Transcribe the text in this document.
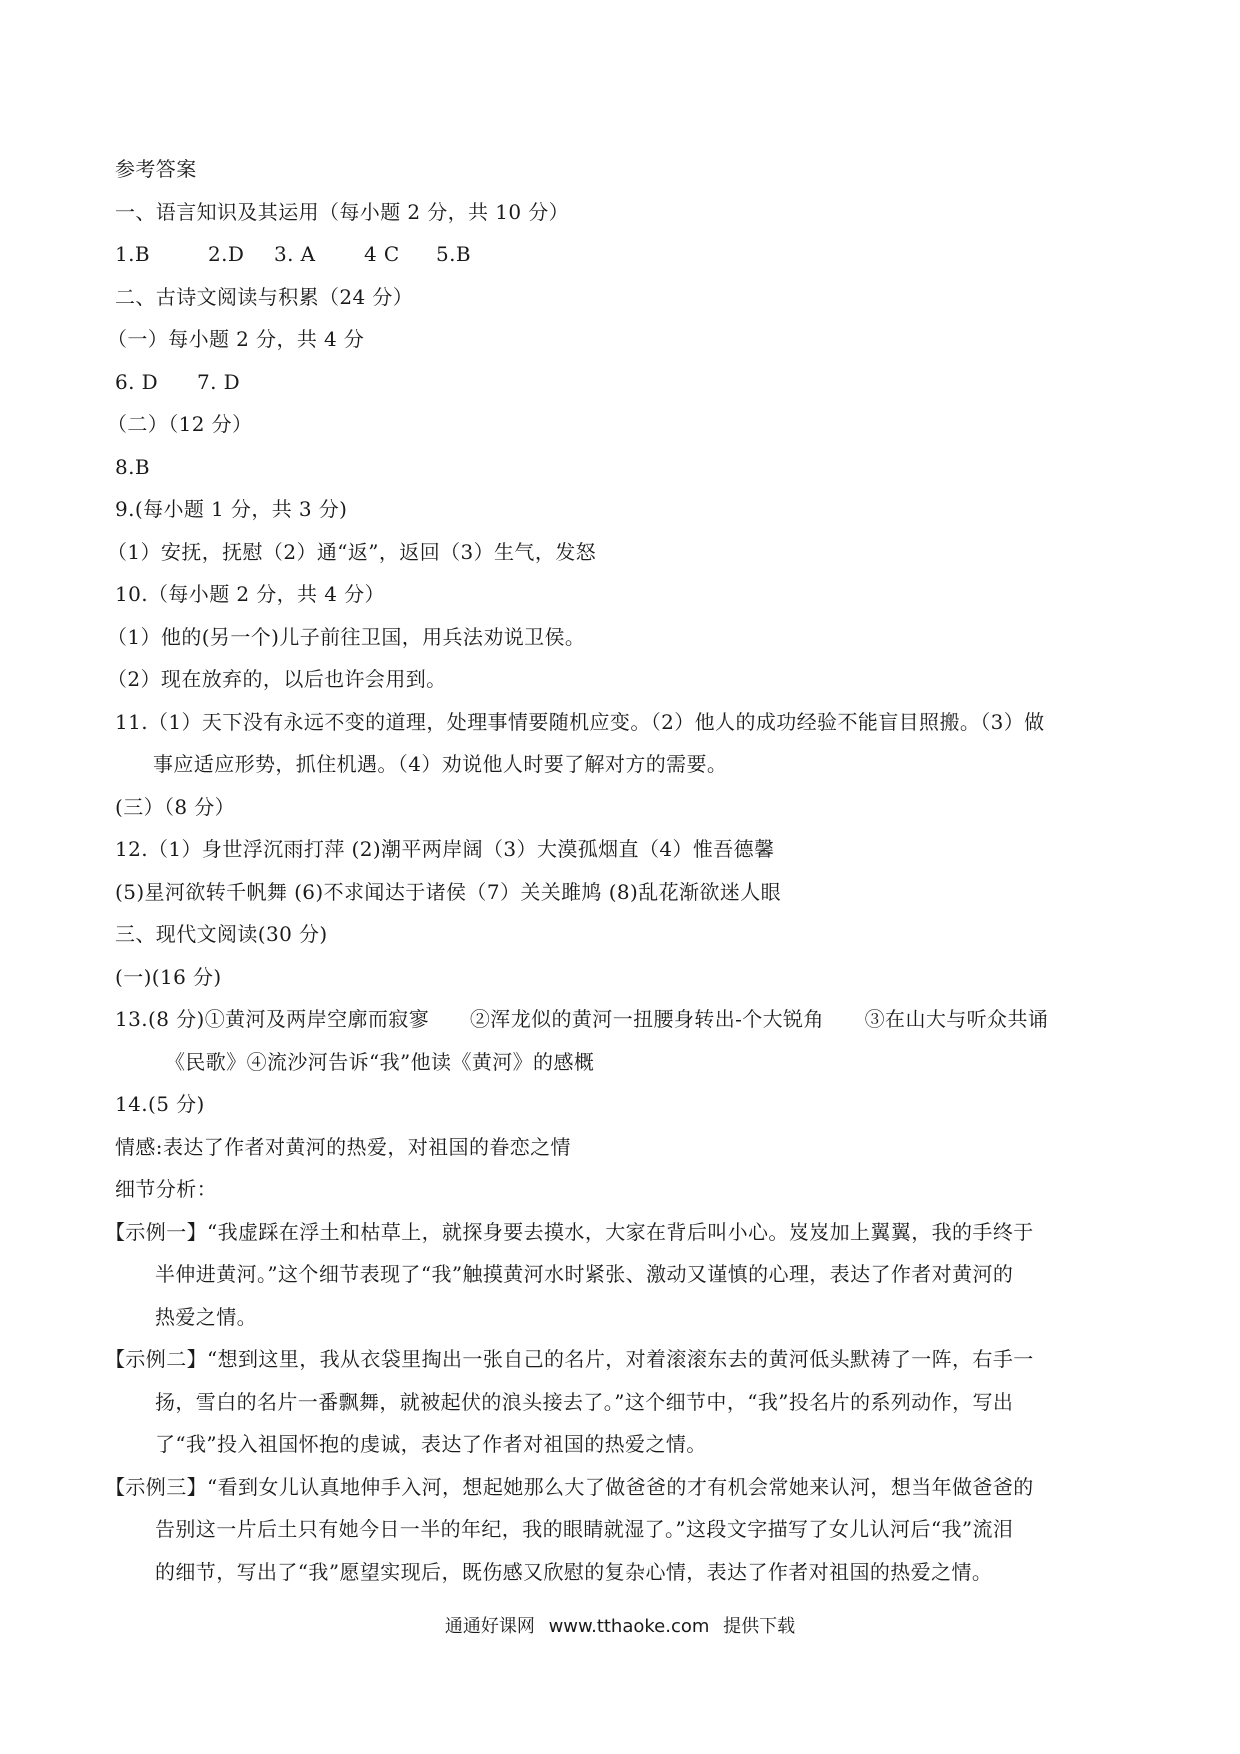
参考答案
一、语言知识及其运用（每小题 2 分，共 10 分）
1.B	2.D 3. A 4 C 5.B
二、古诗文阅读与积累（24 分）
（一）每小题 2 分，共 4 分
6. D 7. D
（二）（12 分）
8.B
9.(每小题 1 分，共 3 分)
（1）安抚，抚慰（2）通“返”，返回（3）生气，发怒
10.（每小题 2 分，共 4 分）
（1）他的(另一个)儿子前往卫国，用兵法劝说卫侯。
（2）现在放弃的，以后也许会用到。
11.（1）天下没有永远不变的道理，处理事情要随机应变。（2）他人的成功经验不能盲目照搬。（3）做
事应适应形势，抓住机遇。（4）劝说他人时要了解对方的需要。
(三）（8 分）
12.（1）身世浮沉雨打萍 (2)潮平两岸阔（3）大漠孤烟直（4）惟吾德馨
(5)星河欲转千帆舞 (6)不求闻达于诸侯（7）关关雎鸠 (8)乱花渐欲迷人眼
三、现代文阅读(30 分)
(一)(16 分)
13.(8 分)①黄河及两岸空廓而寂寥　　②浑龙似的黄河一扭腰身转出-个大锐角　　③在山大与听众共诵
《民歌》④流沙河告诉“我”他读《黄河》的感概
14.(5 分)
情感:表达了作者对黄河的热爱，对祖国的眷恋之情
细节分析：
【示例一】“我虚踩在浮土和枯草上，就探身要去摸水，大家在背后叫小心。岌岌加上翼翼，我的手终于
半伸进黄河。”这个细节表现了“我”触摸黄河水时紧张、激动又谨慎的心理，表达了作者对黄河的
热爱之情。
【示例二】“想到这里，我从衣袋里掏出一张自己的名片，对着滚滚东去的黄河低头默祷了一阵，右手一
扬，雪白的名片一番飘舞，就被起伏的浪头接去了。”这个细节中，“我”投名片的系列动作，写出
了“我”投入祖国怀抱的虔诚，表达了作者对祖国的热爱之情。
【示例三】“看到女儿认真地伸手入河，想起她那么大了做爸爸的才有机会常她来认河，想当年做爸爸的
告别这一片后土只有她今日一半的年纪，我的眼睛就湿了。”这段文字描写了女儿认河后“我”流泪
的细节，写出了“我”愿望实现后，既伤感又欣慰的复杂心情，表达了作者对祖国的热爱之情。
通通好课网 www.tthaoke.com 提供下载
